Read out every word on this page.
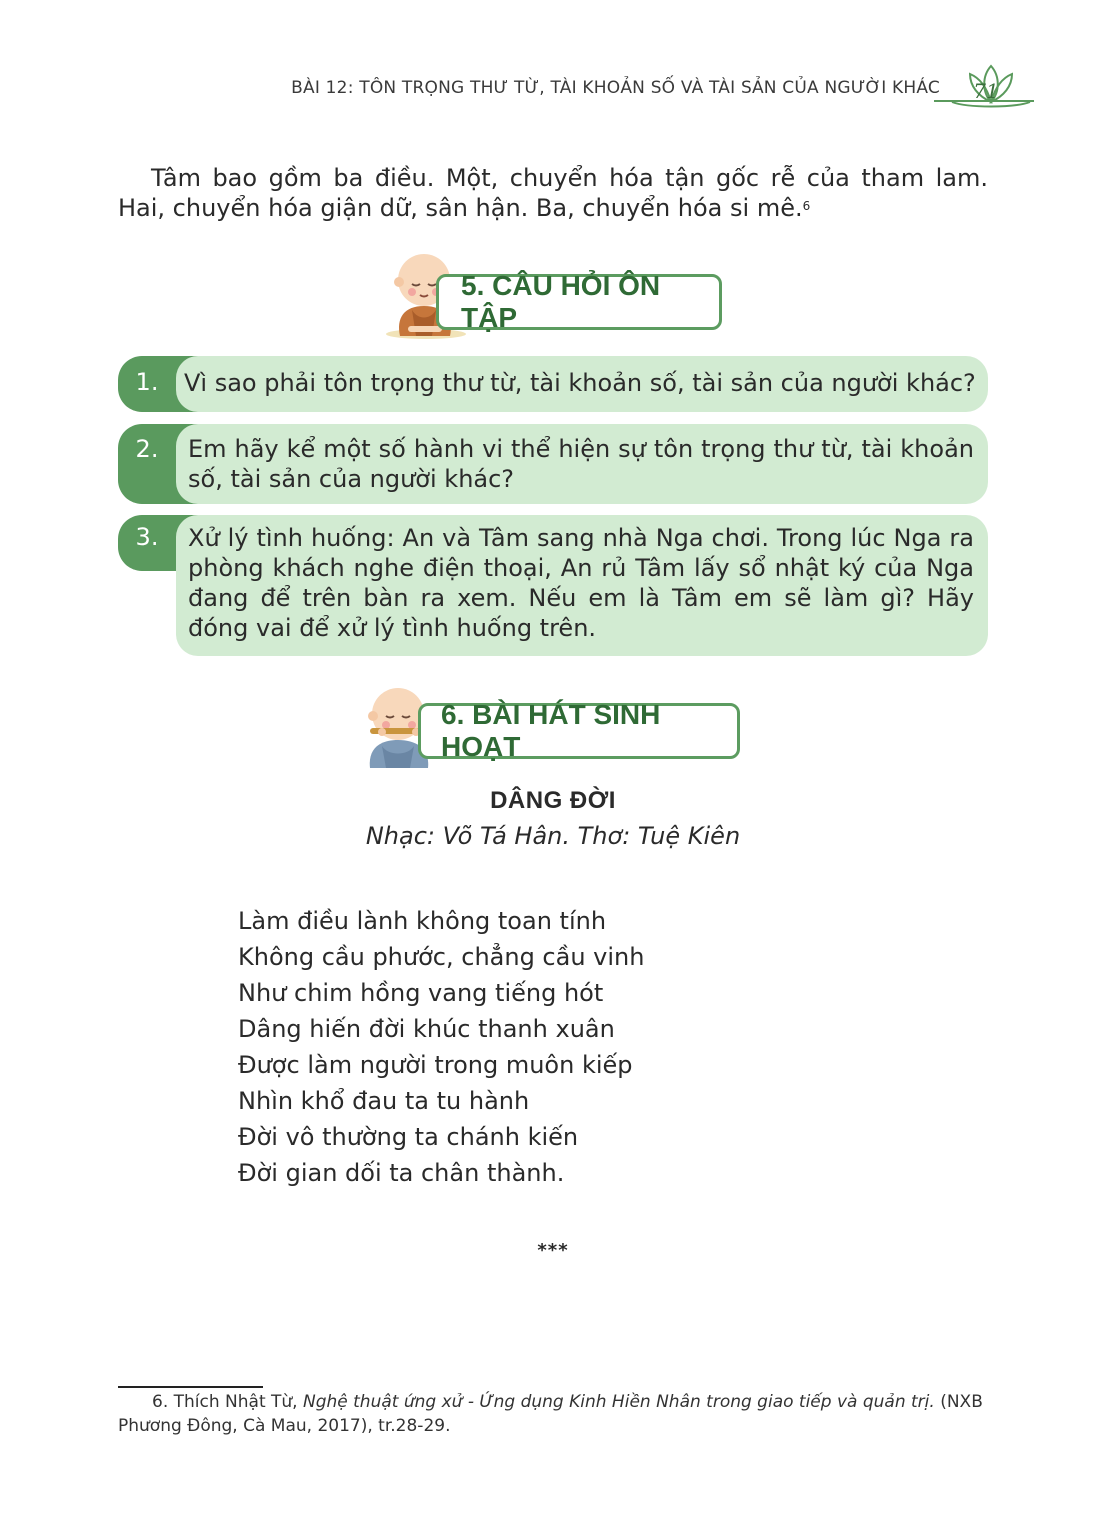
BÀI 12: TÔN TRỌNG THƯ TỪ, TÀI KHOẢN SỐ VÀ TÀI SẢN CỦA NGƯỜI KHÁC	71
Tâm bao gồm ba điều. Một, chuyển hóa tận gốc rễ của tham lam.
Hai, chuyển hóa giận dữ, sân hận. Ba, chuyển hóa si mê.$^6$
5. CÂU HỎI ÔN TẬP
1.	Vì sao phải tôn trọng thư từ, tài khoản số, tài sản của người khác?
2.	Em hãy kể một số hành vi thể hiện sự tôn trọng thư từ, tài khoản
số, tài sản của người khác?
3.	Xử lý tình huống: An và Tâm sang nhà Nga chơi. Trong lúc Nga ra
phòng khách nghe điện thoại, An rủ Tâm lấy sổ nhật ký của Nga
đang để trên bàn ra xem. Nếu em là Tâm em sẽ làm gì? Hãy
đóng vai để xử lý tình huống trên.
6. BÀI HÁT SINH HOẠT
DÂNG ĐỜI
Nhạc: Võ Tá Hân. Thơ: Tuệ Kiên
Làm điều lành không toan tính
Không cầu phước, chẳng cầu vinh
Như chim hồng vang tiếng hót
Dâng hiến đời khúc thanh xuân
Được làm người trong muôn kiếp
Nhìn khổ đau ta tu hành
Đời vô thường ta chánh kiến
Đời gian dối ta chân thành.
***
6. Thích Nhật Từ, Nghệ thuật ứng xử - Ứng dụng Kinh Hiền Nhân trong giao tiếp và quản trị. (NXB
Phương Đông, Cà Mau, 2017), tr.28-29.
